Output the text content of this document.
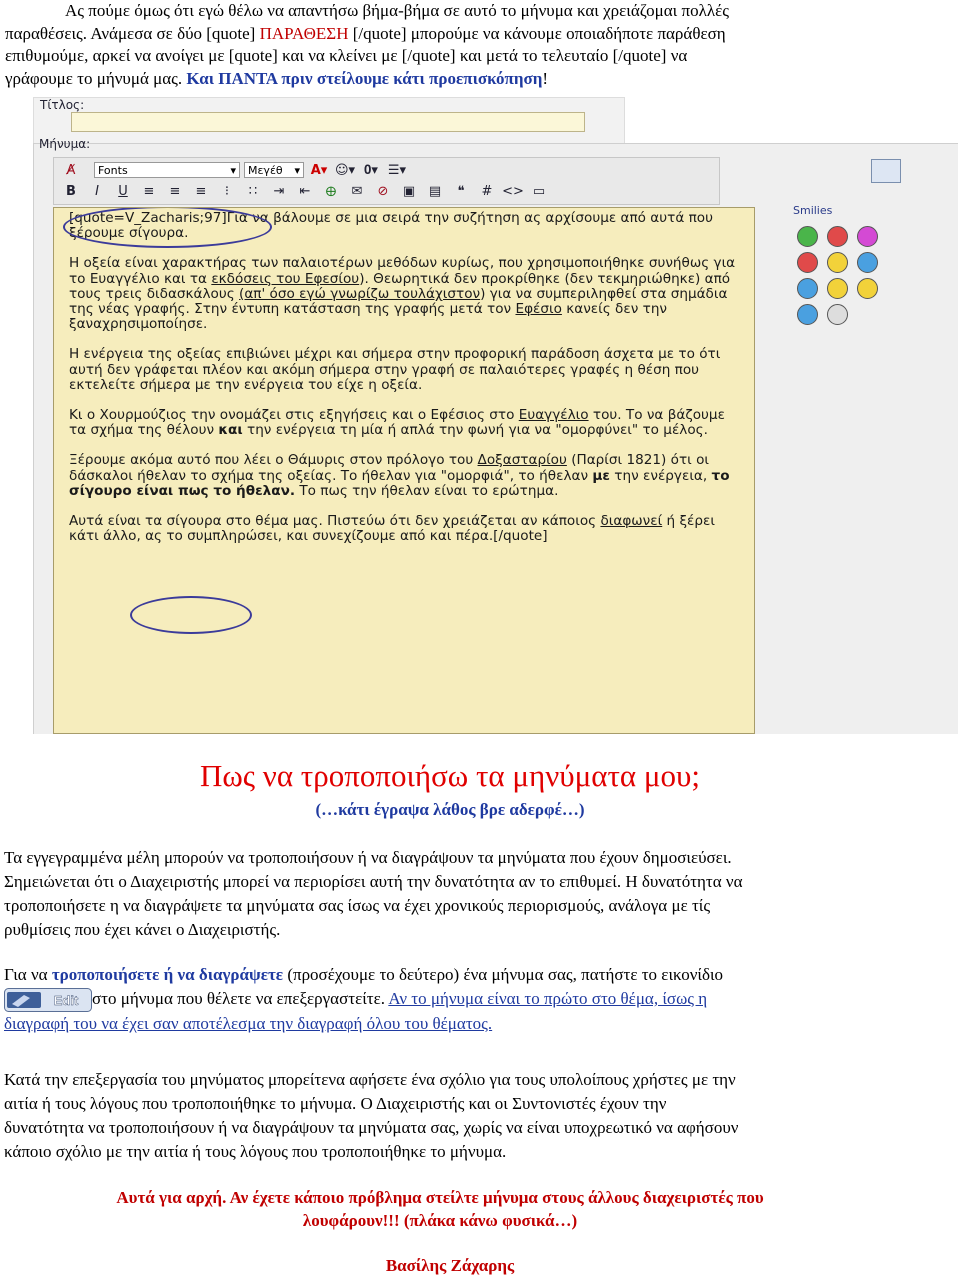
Ας πούμε όμως ότι εγώ θέλω να απαντήσω βήμα-βήμα σε αυτό το μήνυμα και χρειάζομαι πολλές
παραθέσεις. Ανάμεσα σε δύο [quote] ΠΑΡΑΘΕΣΗ [/quote] μπορούμε να κάνουμε οποιαδήποτε παράθεση
επιθυμούμε, αρκεί να ανοίγει με [quote] και να κλείνει με [/quote] και μετά το τελευταίο [/quote] να
γράφουμε το μήνυμά μας. Και ΠΑΝΤΑ πριν στείλουμε κάτι προεπισκόπηση!
Τίτλος:
Μήνυμα:
A̸	Fonts	▾ Μεγέθ ▾ A▾ ☺▾ 𝟎▾ ☰▾
B I U	≡	≡	≡	⁝	∷	⇥	⇤	🜨	✉	⊘	▣	▤	❝	# <> ▭

[quote=V_Zacharis;97]Για να βάλουμε σε μια σειρά την συζήτηση ας αρχίσουμε από αυτά που ξέρουμε σίγουρα.

Η οξεία είναι χαρακτήρας των παλαιοτέρων μεθόδων κυρίως, που χρησιμοποιήθηκε συνήθως για το Ευαγγέλιο και τα εκδόσεις του Εφεσίου). Θεωρητικά δεν προκρίθηκε (δεν τεκμηριώθηκε) από τους τρεις διδασκάλους (απ' όσο εγώ γνωρίζω τουλάχιστον) για να συμπεριληφθεί στα σημάδια της νέας γραφής. Στην έντυπη κατάσταση της γραφής μετά τον Εφέσιο κανείς δεν την ξαναχρησιμοποίησε.

Η ενέργεια της οξείας επιβιώνει μέχρι και σήμερα στην προφορική παράδοση άσχετα με το ότι αυτή δεν γράφεται πλέον και ακόμη σήμερα στην γραφή σε παλαιότερες γραφές η θέση που εκτελείτε σήμερα με την ενέργεια του είχε η οξεία.

Κι ο Χουρμούζιος την ονομάζει στις εξηγήσεις και ο Εφέσιος στο Ευαγγέλιο του. Το να βάζουμε τα σχήμα της θέλουν και την ενέργεια τη μία ή απλά την φωνή για να "ομορφύνει" το μέλος.

Ξέρουμε ακόμα αυτό που λέει ο Θάμυρις στον πρόλογο του Δοξασταρίου (Παρίσι 1821) ότι οι δάσκαλοι ήθελαν το σχήμα της οξείας. Το ήθελαν για "ομορφιά", το ήθελαν με την ενέργεια, το σίγουρο είναι πως το ήθελαν. Το πως την ήθελαν είναι το ερώτημα.

Αυτά είναι τα σίγουρα στο θέμα μας. Πιστεύω ότι δεν χρειάζεται αν κάποιος διαφωνεί ή ξέρει κάτι άλλο, ας το συμπληρώσει, και συνεχίζουμε από και πέρα.[/quote]

Smilies
Πως να τροποποιήσω τα μηνύματα μου;
(…κάτι έγραψα λάθος βρε αδερφέ…)
Τα εγγεγραμμένα μέλη μπορούν να τροποποιήσουν ή να διαγράψουν τα μηνύματα που έχουν δημοσιεύσει.
Σημειώνεται ότι ο Διαχειριστής μπορεί να περιορίσει αυτή την δυνατότητα αν το επιθυμεί. Η δυνατότητα να
τροποποιήσετε η να διαγράψετε τα μηνύματα σας ίσως να έχει χρονικούς περιορισμούς, ανάλογα με τίς
ρυθμίσεις που έχει κάνει ο Διαχειριστής.
Για να τροποποιήσετε ή να διαγράψετε (προσέχουμε το δεύτερο) ένα μήνυμα σας, πατήστε το εικονίδιο
Edit στο μήνυμα που θέλετε να επεξεργαστείτε. Αν το μήνυμα είναι το πρώτο στο θέμα, ίσως η
διαγραφή του να έχει σαν αποτέλεσμα την διαγραφή όλου του θέματος.
Κατά την επεξεργασία του μηνύματος μπορείτενα αφήσετε ένα σχόλιο για τους υπολοίπους χρήστες με την
αιτία ή τους λόγους που τροποποιήθηκε το μήνυμα. Ο Διαχειριστής και οι Συντονιστές έχουν την
δυνατότητα να τροποποιήσουν ή να διαγράψουν τα μηνύματα σας, χωρίς να είναι υποχρεωτικό να αφήσουν
κάποιο σχόλιο με την αιτία ή τους λόγους που τροποποιήθηκε το μήνυμα.
Αυτά για αρχή. Αν έχετε κάποιο πρόβλημα στείλτε μήνυμα στους άλλους διαχειριστές που
λουφάρουν!!! (πλάκα κάνω φυσικά…)
Βασίλης Ζάχαρης
